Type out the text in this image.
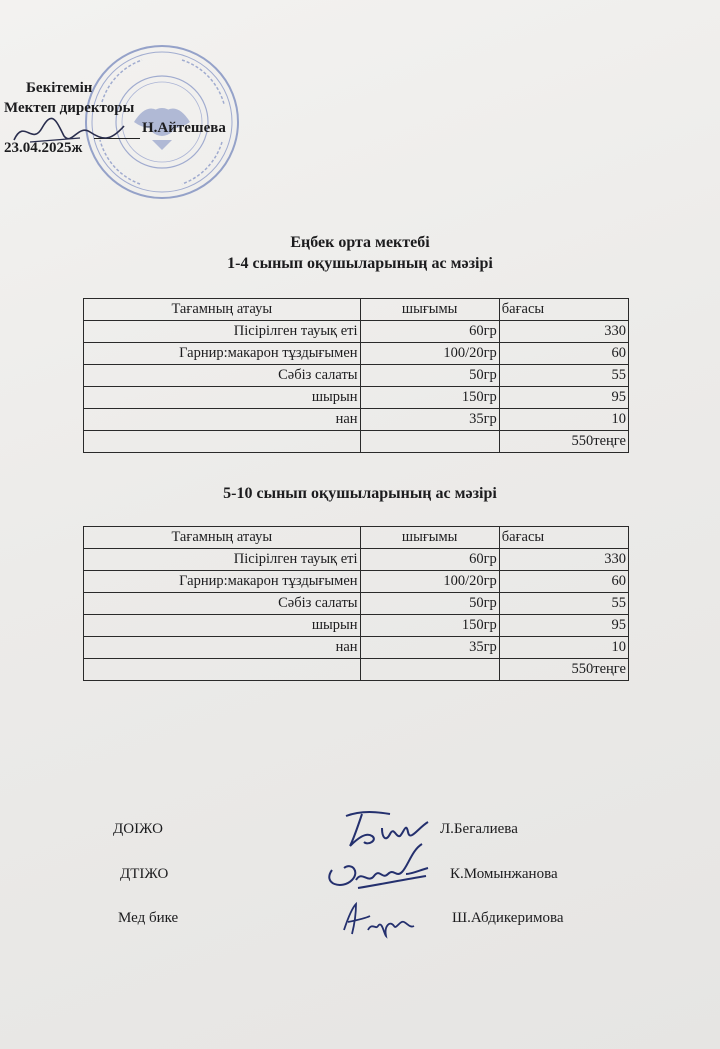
Бекітемін
Мектеп директоры
23.04.2025ж
Н.Айтешева
Еңбек орта мектебі
1-4 сынып оқушыларының ас мәзірі
Тағамның атауы	шығымы	бағасы
Пісірілген тауық еті	60гр	330
Гарнир:макарон тұздығымен	100/20гр	60
Сәбіз салаты	50гр	55
шырын	150гр	95
нан	35гр	10
		550теңге
5-10 сынып оқушыларының ас мәзірі
Тағамның атауы	шығымы	бағасы
Пісірілген тауық еті	60гр	330
Гарнир:макарон тұздығымен	100/20гр	60
Сәбіз салаты	50гр	55
шырын	150гр	95
нан	35гр	10
		550теңге
ДОІЖО	Л.Бегалиева
ДТІЖО	К.Момынжанова
Мед бике	Ш.Абдикеримова
